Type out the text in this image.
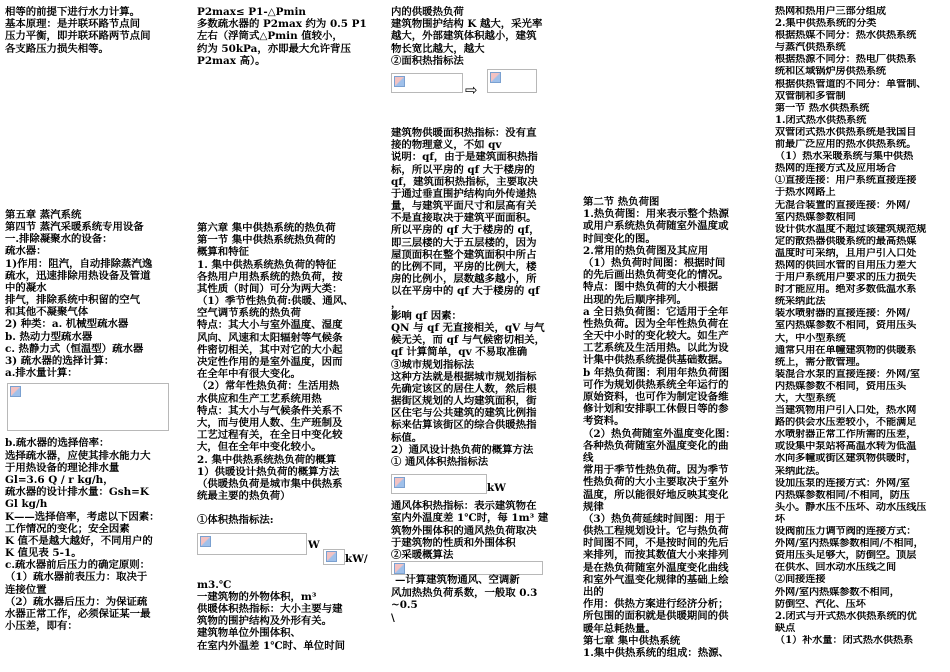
相等的前提下进行水力计算。
基本原理：是并联环路节点间
压力平衡，即并联环路两节点间
各支路压力损失相等。
第五章 蒸汽系统
第四节 蒸汽采暖系统专用设备
一.排除凝聚水的设备：
疏水器：
1)作用：阻汽，自动排除蒸汽逸
疏水，迅速排除用热设备及管道
中的凝水
排气，排除系统中积留的空气
和其他不凝聚气体
2) 种类：a. 机械型疏水器
b. 热动力型疏水器
c. 热静力式（恒温型）疏水器
3) 疏水器的选择计算：
a.排水量计算：
b.疏水器的选择倍率：
选择疏水器，应使其排水能力大
于用热设备的理论排水量
Gl=3.6 Q / r kg/h，
疏水器的设计排水量：Gsh=K
Gl kg/h
K——选择倍率，考虑以下因素：
工作情况的变化；安全因素
K 值不是越大越好，不同用户的
K 值见表 5-1。
c.疏水器前后压力的确定原则：
（1）疏水器前表压力：取决于
连接位置
（2）疏水器后压力：为保证疏
水器正常工作，必须保证某一最
小压差，即有：
P2max≤ P1-△Pmin
多数疏水器的 P2max 约为 0.5 P1
左右（浮筒式△Pmin 值较小，
约为 50kPa，亦即最大允许背压
P2max 高）。
第六章 集中供热系统的热负荷
第一节 集中供热系统热负荷的
概算和特征
1. 集中供热系统热负荷的特征
各热用户用热系统的热负荷，按
其性质（时间）可分为两大类：
（1）季节性热负荷:供暖、通风、
空气调节系统的热负荷
特点：其大小与室外温度、湿度
风向、风速和太阳辐射等气候条
件密切相关，其中对它的大小起
决定性作用的是室外温度，因而
在全年中有很大变化。
（2）常年性热负荷：生活用热
水供应和生产工艺系统用热
特点：其大小与气候条件关系不
大，而与使用人数、生产班制及
工艺过程有关，在全日中变化较
大，但在全年中变化较小。
2. 集中供热系统热负荷的概算
1）供暖设计热负荷的概算方法
（供暖热负荷是城市集中供热系
统最主要的热负荷）
①体积热指标法:
W
kW/
m3.℃
一建筑物的外物体积，m³
供暖体积热指标：大小主要与建
筑物的围护结构及外形有关。
建筑物单位外围体积、
在室内外温差 1℃时、单位时间
内的供暖热负荷
建筑物围护结构 K 越大，采光率
越大，外部建筑体积越小，建筑
物长宽比越大，越大
②面积热指标法
⇨
建筑物供暖面积热指标：没有直
接的物理意义，不如 qv
说明：qf，由于是建筑面积热指
标，所以平房的 qf 大于楼房的
qf，建筑面积热指标，主要取决
于通过垂直围护结构向外传递热
量，与建筑平面尺寸和层高有关
不是直接取决于建筑平面面积。
所以平房的 qf 大于楼房的 qf，
即三层楼的大于五层楼的，因为
屋顶面积在整个建筑面积中所占
的比例不同，平房的比例大，楼
房的比例小，层数越多越小，所
以在平房中的 qf 大于楼房的 qf
，
影响 qf 因素：
QN 与 qf 无直接相关，qV 与气
候无关，而 qf 与气候密切相关，
qf 计算简单，qv 不易取准确
③城市规划指标法
这种方法就是根据城市规划指标
先确定该区的居住人数，然后根
据街区规划的人均建筑面积，街
区住宅与公共建筑的建筑比例指
标来估算该街区的综合供暖热指
标值。
2）通风设计热负荷的概算方法
① 通风体积热指标法
kW
通风体积热指标：表示建筑物在
室内外温度差 1℃时，每 1m³ 建
筑物外围体积的通风热负荷取决
于建筑物的性质和外围体积
②采暖概算法
—计算建筑物通风、空调新
风加热热负荷系数，一般取 0.3
~0.5
\
第二节 热负荷图
1.热负荷图：用来表示整个热源
或用户系统热负荷随室外温度或
时间变化的图。
2.常用的热负荷图及其应用
（1）热负荷时间图：根据时间
的先后画出热负荷变化的情况。
特点：图中热负荷的大小根据
出现的先后顺序排列。
a 全日热负荷图：它适用于全年
性热负荷。因为全年性热负荷在
全天中小时的变化较大。如生产
工艺系统及生活用热。以此为设
计集中供热系统提供基础数据。
b 年热负荷图：利用年热负荷图
可作为规划供热系统全年运行的
原始资料，也可作为制定设备维
修计划和安排职工休假日等的参
考资料。
（2）热负荷随室外温度变化图：
各种热负荷随室外温度变化的曲
线
常用于季节性热负荷。因为季节
性热负荷的大小主要取决于室外
温度，所以能很好地反映其变化
规律
（3）热负荷延续时间图：用于
供热工程规划设计。它与热负荷
时间图不同，不是按时间的先后
来排列，而按其数值大小来排列
是在热负荷随室外温度变化曲线
和室外气温变化规律的基础上绘
出的
作用：供热方案进行经济分析；
所包围的面积就是供暖期间的供
暖年总耗热量。
第七章 集中供热系统
1.集中供热系统的组成：热源、
热网和热用户三部分组成
2.集中供热系统的分类
根据热媒不同分：热水供热系统
与蒸汽供热系统
根据热源不同分：热电厂供热系
统和区域锅炉房供热系统
根据供热管道的不同分：单管制、
双管制和多管制
第一节 热水供热系统
1.闭式热水供热系统
双管闭式热水供热系统是我国目
前最广泛应用的热水供热系统。
（1）热水采暖系统与集中供热
热网的连接方式及应用场合
①直接连接：用户系统直接连接
于热水网路上
无混合装置的直接连接：外网/
室内热媒参数相同
设计供水温度不超过该建筑规范规
定的散热器供暖系统的最高热媒
温度时可采纳，且用户引入口处
热网的供回水管的自用压力差大
于用户系统用户要求的压力损失
时才能应用。绝对多数低温水系
统采纳此法
装水喷射器的直接连接：外网/
室内热媒参数不相同，资用压头
大，中小型系统
通常只用在单幢建筑物的供暖系
统上，需分散管理。
装混合水泵的直接连接：外网/室
内热媒参数不相同，资用压头
大，大型系统
当建筑物用户引入口处，热水网
路的供会水压差较小，不能满足
水喷射器正常工作所需的压差，
或设集中泵站将高温水转为低温
水向多幢或街区建筑物供暖时，
采纳此法。
设加压泵的连接方式：外网/室
内热媒参数相同/不相同，防压
头小。静水压不压坏、动水压线压
坏
设阀前压力调节阀的连接方式：
外网/室内热媒参数相同/不相同，
资用压头足够大，防倒空。顶层
在供水、回水动水压线之间
②间接连接
外网/室内热媒参数不相同，
防倒空、汽化、压坏
2.闭式与开式热水供热系统的优
缺点
（1）补水量：闭式热水供热系
